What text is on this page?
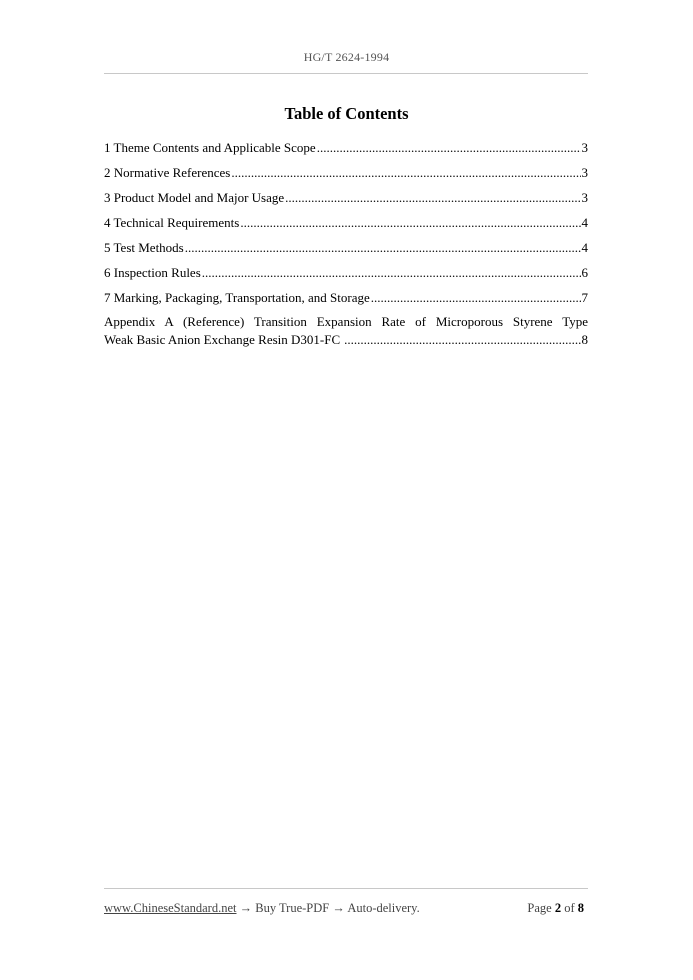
HG/T 2624-1994
Table of Contents
1 Theme Contents and Applicable Scope .....	3
2 Normative References .....	3
3 Product Model and Major Usage .....	3
4 Technical Requirements .....	4
5 Test Methods .....	4
6 Inspection Rules .....	6
7 Marking, Packaging, Transportation, and Storage .....	7
Appendix A (Reference) Transition Expansion Rate of Microporous Styrene Type
Weak Basic Anion Exchange Resin D301-FC .....	8
www.ChineseStandard.net → Buy True-PDF → Auto-delivery.	Page 2 of 8
